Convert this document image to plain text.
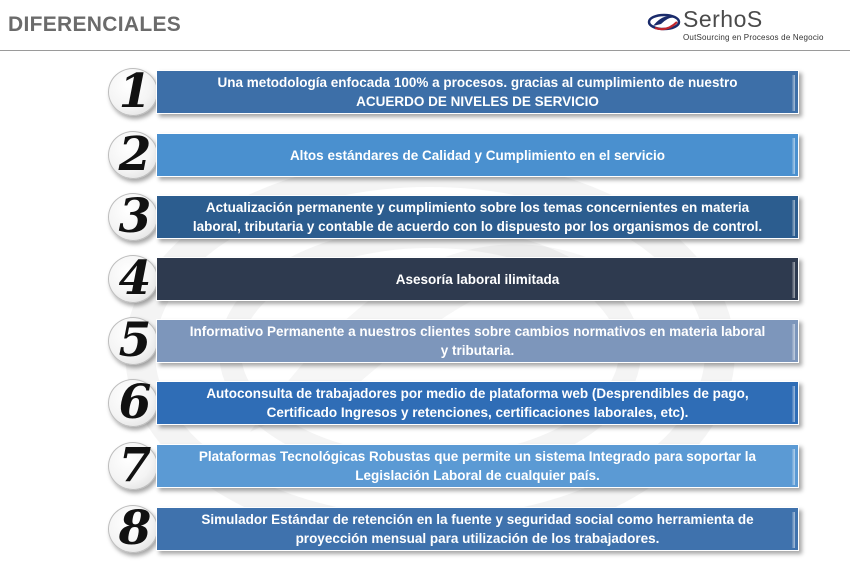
DIFERENCIALES	SerhoS
OutSourcing en Procesos de Negocio
1	Una metodología enfocada 100% a procesos. gracias al cumplimiento de nuestro
ACUERDO DE NIVELES DE SERVICIO
2	Altos estándares de Calidad y Cumplimiento en el servicio
3	Actualización permanente y cumplimiento sobre los temas concernientes en materia
laboral, tributaria y contable de acuerdo con lo dispuesto por los organismos de control.
4	Asesoría laboral ilimitada
5	Informativo Permanente a nuestros clientes sobre cambios normativos en materia laboral
y tributaria.
6	Autoconsulta de trabajadores por medio de plataforma web (Desprendibles de pago,
Certificado Ingresos y retenciones, certificaciones laborales, etc).
7	Plataformas Tecnológicas Robustas que permite un sistema Integrado para soportar la
Legislación Laboral de cualquier país.
8	Simulador Estándar de retención en la fuente y seguridad social como herramienta de
proyección mensual para utilización de los trabajadores.
